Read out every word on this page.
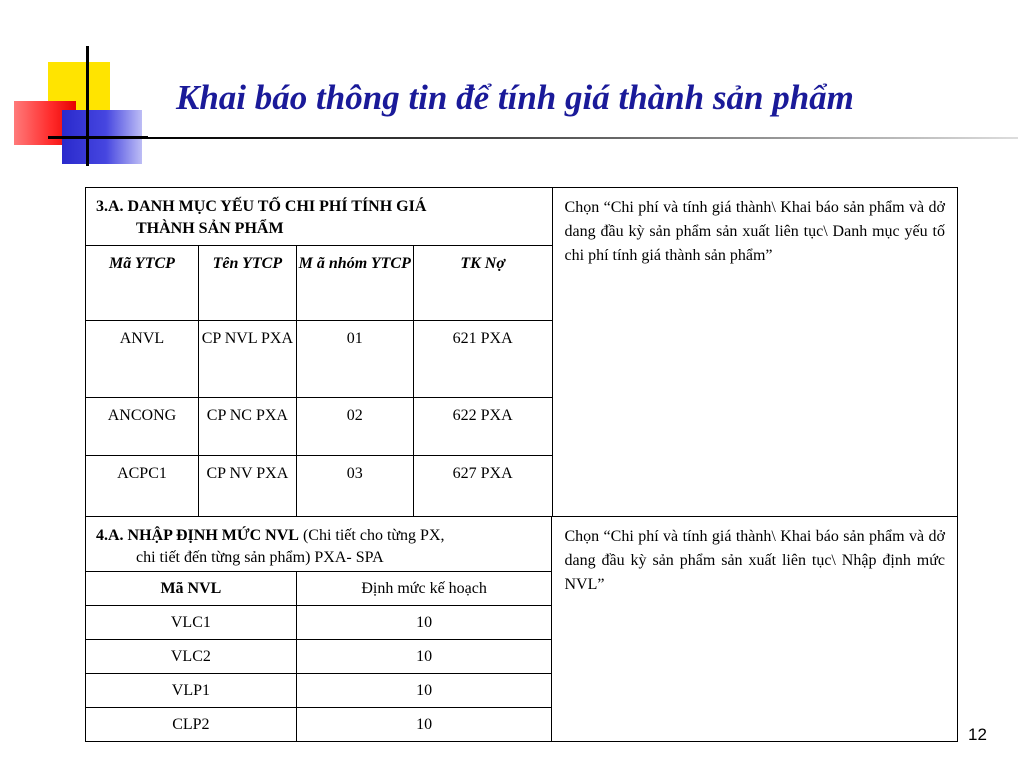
Khai báo thông tin để tính giá thành sản phẩm
3.A. DANH MỤC YẾU TỐ CHI PHÍ TÍNH GIÁ
THÀNH SẢN PHẨM				Chọn “Chi phí và tính giá thành\ Khai báo sản phẩm và dở dang đầu kỳ sản phẩm sản xuất liên tục\ Danh mục yếu tố chi phí tính giá thành sản phẩm”
Mã YTCP	Tên YTCP	M ã nhóm YTCP	TK Nợ	
ANVL	CP NVL PXA	01	621 PXA	
ANCONG	CP NC PXA	02	622 PXA	
ACPC1	CP NV PXA	03	627 PXA	
4.A. NHẬP ĐỊNH MỨC NVL (Chi tiết cho từng PX,
chi tiết đến từng sản phẩm) PXA- SPA		Chọn “Chi phí và tính giá thành\ Khai báo sản phẩm và dở dang đầu kỳ sản phẩm sản xuất liên tục\ Nhập định mức NVL”
Mã NVL	Định mức kế hoạch	
VLC1	10	
VLC2	10	
VLP1	10	
CLP2	10	
12
